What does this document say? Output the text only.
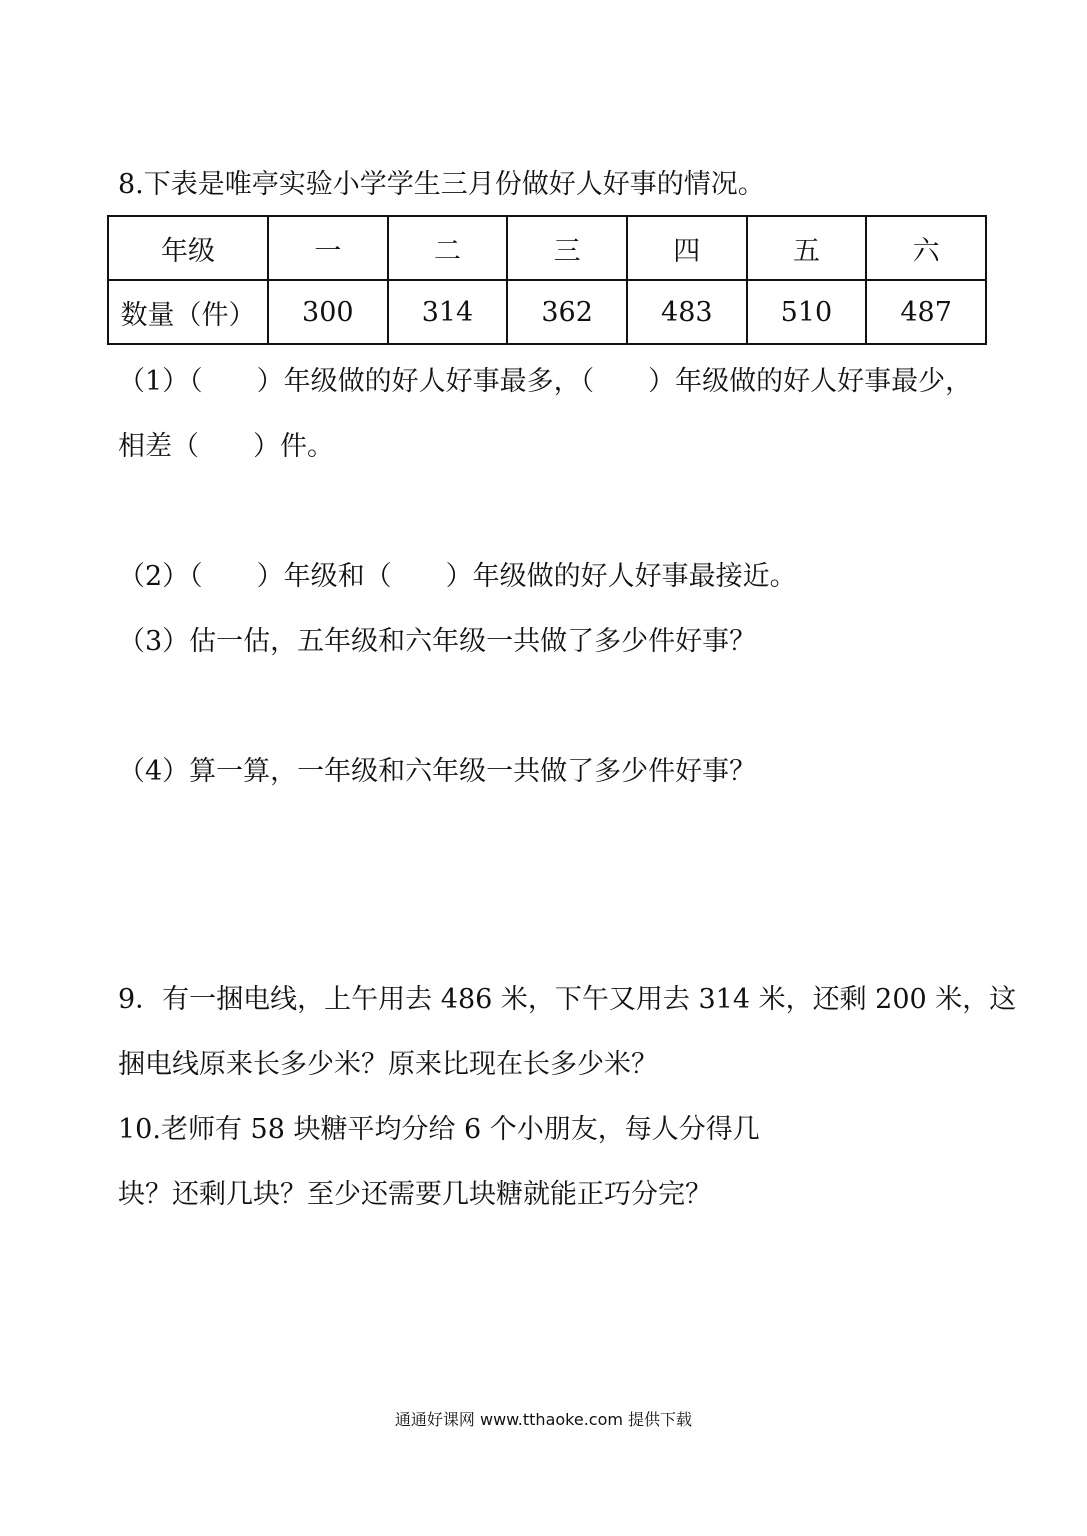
8.下表是唯亭实验小学学生三月份做好人好事的情况。
年级	一	二	三	四	五	六
数量（件）	300	314	362	483	510	487
（1）（　　）年级做的好人好事最多，（　　）年级做的好人好事最少，
相差（　　）件。
（2）（　　）年级和（　　）年级做的好人好事最接近。
（3）估一估，五年级和六年级一共做了多少件好事？
（4）算一算，一年级和六年级一共做了多少件好事？
9．有一捆电线，上午用去 486 米，下午又用去 314 米，还剩 200 米，这
捆电线原来长多少米？原来比现在长多少米？
10.老师有 58 块糖平均分给 6 个小朋友，每人分得几
块？还剩几块？至少还需要几块糖就能正巧分完？
通通好课网 www.tthaoke.com 提供下载
